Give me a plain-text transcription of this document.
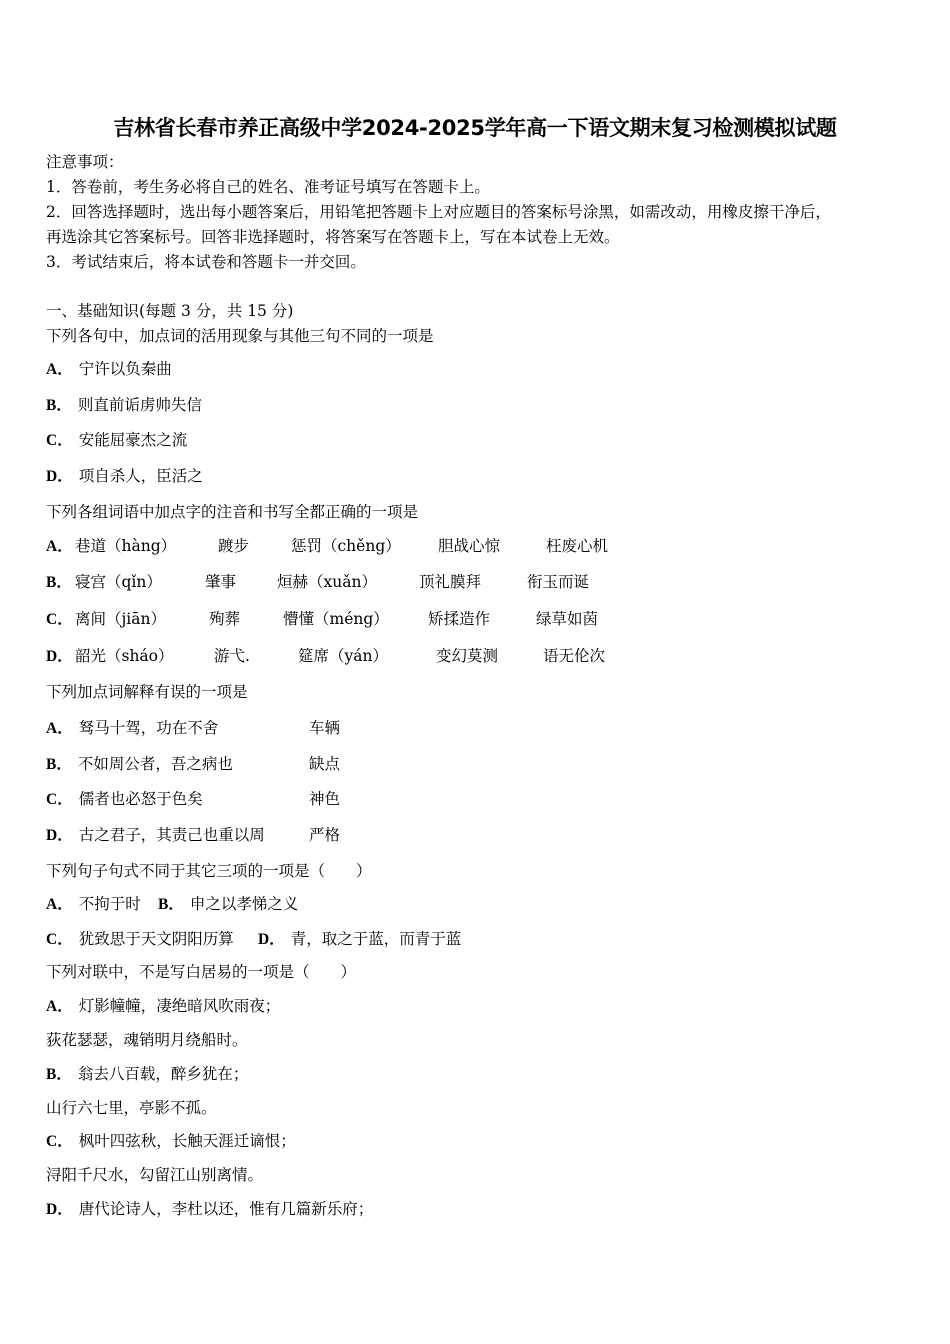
吉林省长春市养正高级中学2024-2025学年高一下语文期末复习检测模拟试题
注意事项：
1．答卷前，考生务必将自己的姓名、准考证号填写在答题卡上。
2．回答选择题时，选出每小题答案后，用铅笔把答题卡上对应题目的答案标号涂黑，如需改动，用橡皮擦干净后，
再选涂其它答案标号。回答非选择题时，将答案写在答题卡上，写在本试卷上无效。
3．考试结束后，将本试卷和答题卡一并交回。
一、基础知识(每题 3 分，共 15 分)
下列各句中，加点词的活用现象与其他三句不同的一项是
A． 宁许以负秦曲
B． 则直前诟虏帅失信
C． 安能屈豪杰之流
D． 项自杀人，臣活之
下列各组词语中加点字的注音和书写全都正确的一项是
A． 巷道（hàng）	踱步	惩罚（chěng） 胆战心惊	枉废心机
B． 寝宫（qǐn）	肇事	烜赫（xuǎn）	顶礼膜拜	衔玉而诞
C． 离间（jiān）	殉葬	懵懂（méng）	矫揉造作	绿草如茵
D． 韶光（sháo）	游弋.	筵席（yán）	变幻莫测	语无伦次
下列加点词解释有误的一项是
A． 驽马十驾，功在不舍	车辆
B． 不如周公者，吾之病也	缺点
C． 儒者也必怒于色矣	神色
D． 古之君子，其责己也重以周	严格
下列句子句式不同于其它三项的一项是（　　）
A． 不拘于时 B． 申之以孝悌之义
C． 犹致思于天文阴阳历算 D． 青，取之于蓝，而青于蓝
下列对联中，不是写白居易的一项是（　　）
A． 灯影幢幢，凄绝暗风吹雨夜；
荻花瑟瑟，魂销明月绕船时。
B． 翁去八百载，醉乡犹在；
山行六七里，亭影不孤。
C． 枫叶四弦秋，长触天涯迁谪恨；
浔阳千尺水，勾留江山别离情。
D． 唐代论诗人，李杜以还，惟有几篇新乐府；
